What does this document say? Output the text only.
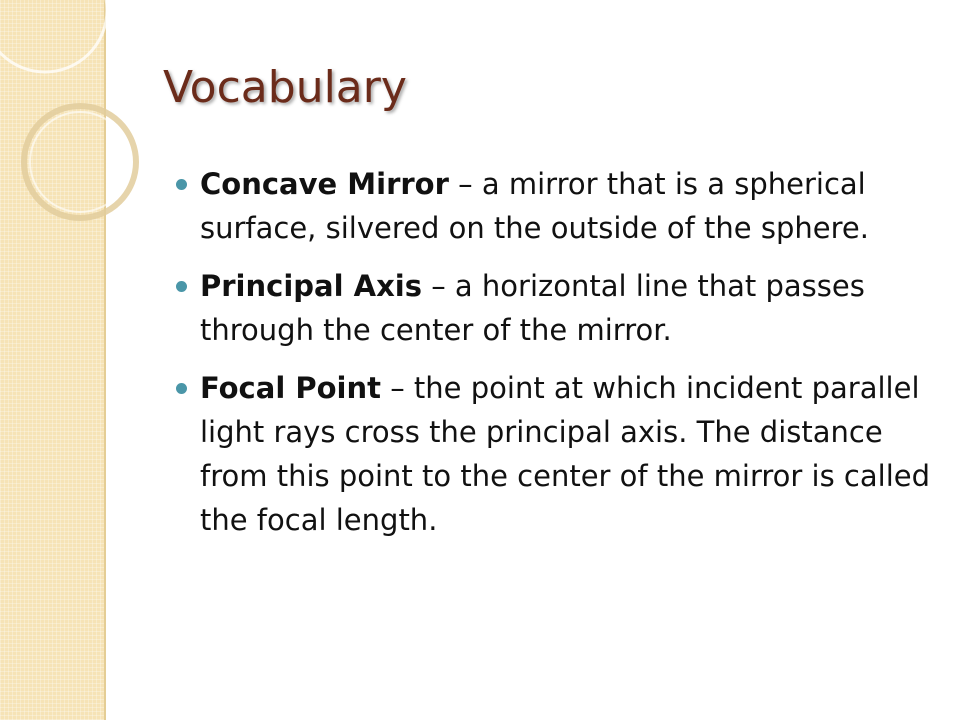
Vocabulary
Concave Mirror – a mirror that is a spherical surface, silvered on the outside of the sphere.
Principal Axis – a horizontal line that passes through the center of the mirror.
Focal Point – the point at which incident parallel light rays cross the principal axis. The distance from this point to the center of the mirror is called the focal length.
